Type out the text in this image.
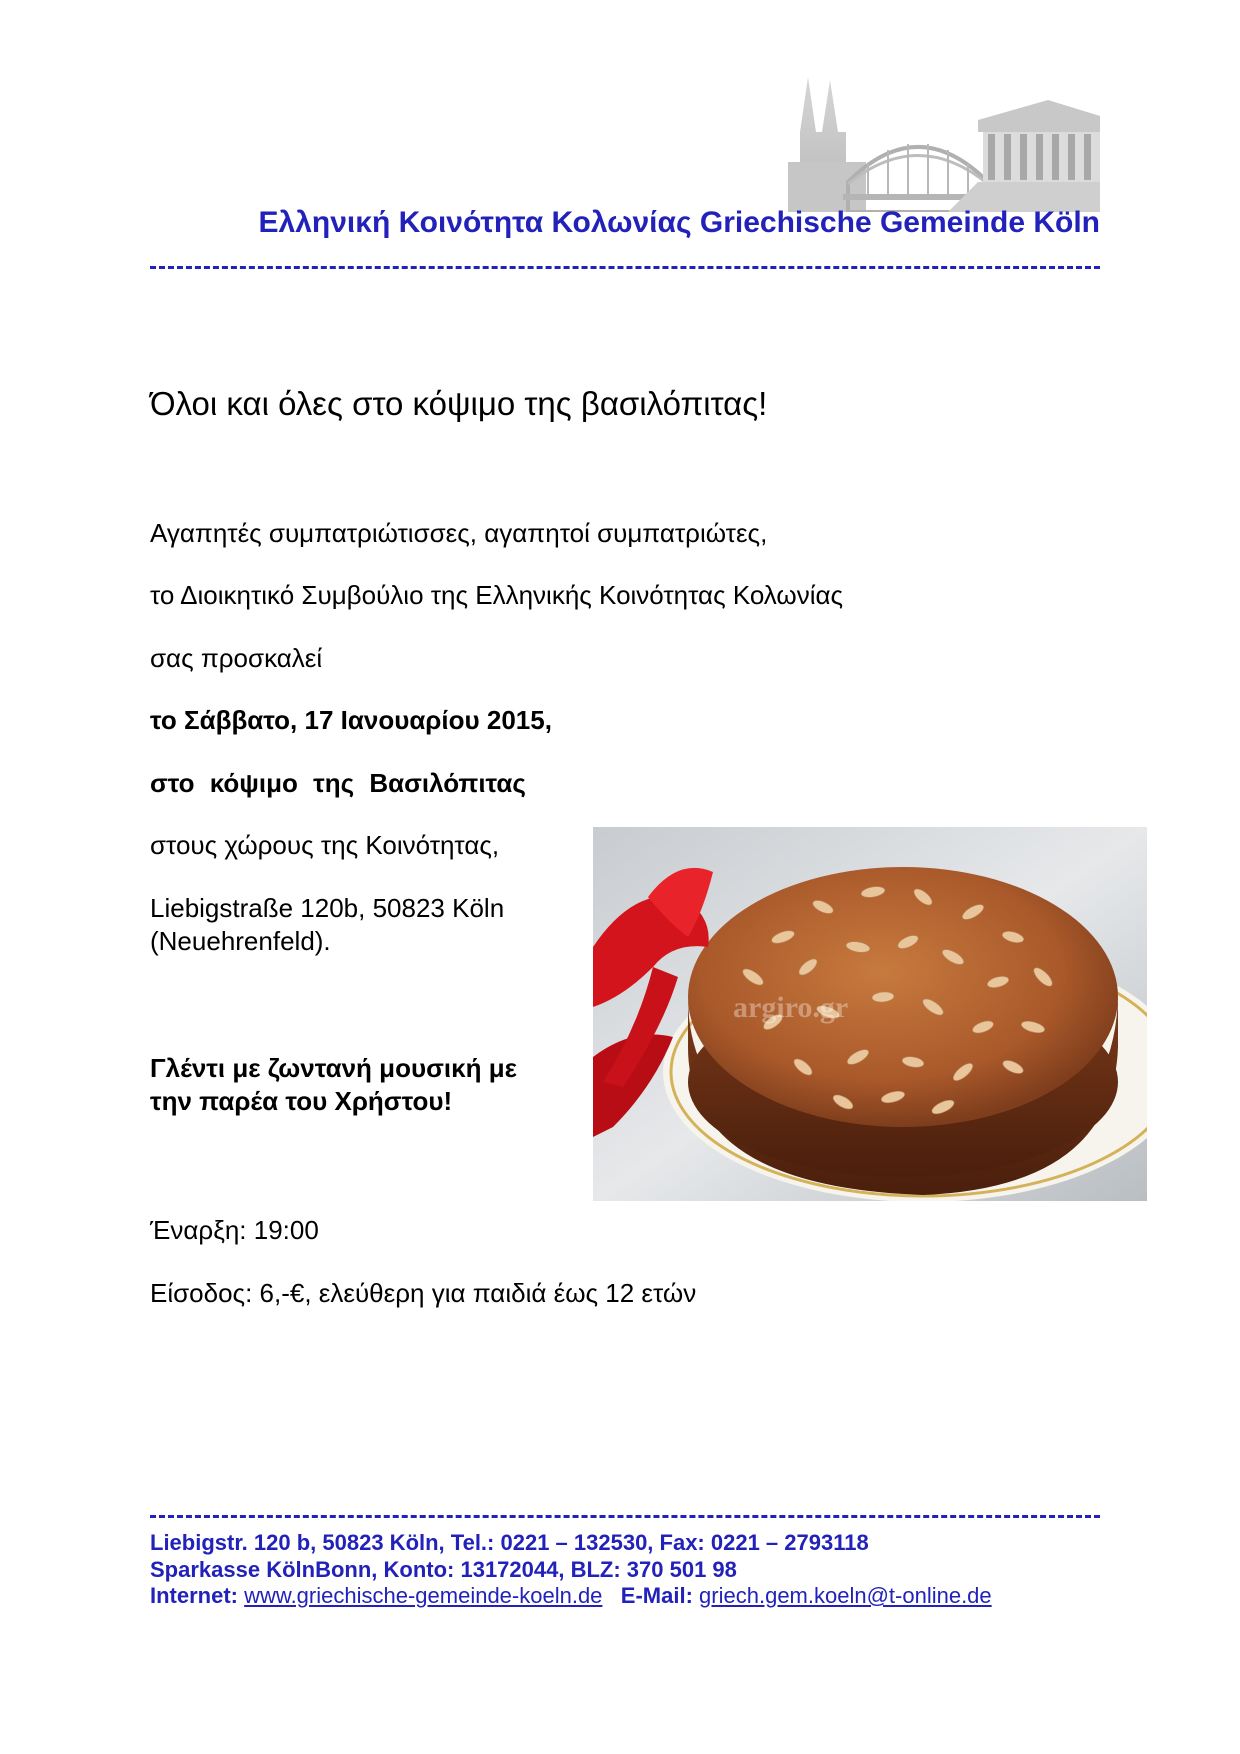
Ελληνική Κοινότητα Κολωνίας Griechische Gemeinde Köln
Όλοι και όλες στο κόψιμο της βασιλόπιτας!
Αγαπητές συμπατριώτισσες, αγαπητοί συμπατριώτες,
το Διοικητικό Συμβούλιο της Ελληνικής Κοινότητας Κολωνίας
σας προσκαλεί
το Σάββατο, 17 Ιανουαρίου 2015,
στο κόψιμο της Βασιλόπιτας
στους χώρους της Κοινότητας,
Liebigstraße 120b, 50823 Köln
(Neuehrenfeld).
Γλέντι με ζωντανή μουσική με
την παρέα του Χρήστου!
Έναρξη: 19:00
Είσοδος: 6,-€, ελεύθερη για παιδιά έως 12 ετών
argiro.gr
Liebigstr. 120 b, 50823 Köln, Tel.: 0221 – 132530, Fax: 0221 – 2793118
Sparkasse KölnBonn, Konto: 13172044, BLZ: 370 501 98
Internet: www.griechische-gemeinde-koeln.de E-Mail: griech.gem.koeln@t-online.de
